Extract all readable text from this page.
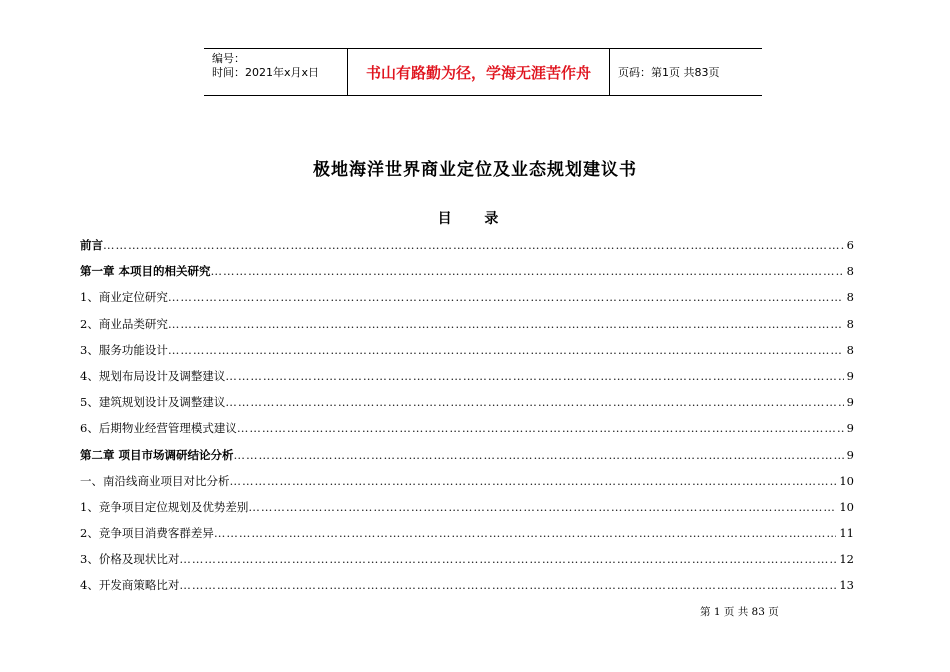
编号：
时间：2021年x月x日	书山有路勤为径，学海无涯苦作舟	页码：第1页 共83页
极地海洋世界商业定位及业态规划建议书
目 录
前言 ……………………………………………………………………………………………………………………………………………………………………………………	6
第一章 本项目的相关研究 ……………………………………………………………………………………………………………………………………………………………………………………	8
1、商业定位研究 ……………………………………………………………………………………………………………………………………………………………………………………	8
2、商业品类研究 ……………………………………………………………………………………………………………………………………………………………………………………	8
3、服务功能设计 ……………………………………………………………………………………………………………………………………………………………………………………	8
4、规划布局设计及调整建议 ……………………………………………………………………………………………………………………………………………………………………………………	9
5、建筑规划设计及调整建议 ……………………………………………………………………………………………………………………………………………………………………………………	9
6、后期物业经营管理模式建议 ……………………………………………………………………………………………………………………………………………………………………………………	9
第二章 项目市场调研结论分析 ……………………………………………………………………………………………………………………………………………………………………………………	9
一、南沿线商业项目对比分析 ……………………………………………………………………………………………………………………………………………………………………………………	10
1、竞争项目定位规划及优势差别 ……………………………………………………………………………………………………………………………………………………………………………………	10
2、竞争项目消费客群差异 ……………………………………………………………………………………………………………………………………………………………………………………	11
3、价格及现状比对 ……………………………………………………………………………………………………………………………………………………………………………………	12
4、开发商策略比对 ……………………………………………………………………………………………………………………………………………………………………………………	13
第 1 页 共 83 页
